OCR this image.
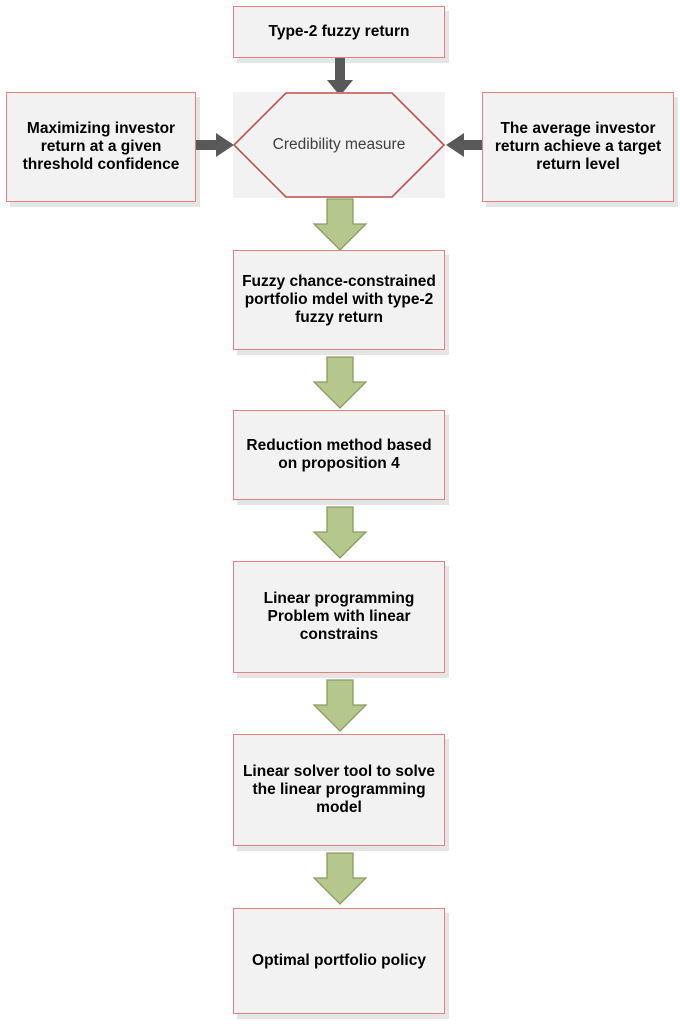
Type-2 fuzzy return
Maximizing investor return at a given threshold confidence
Credibility measure
The average investor return achieve a target return level
Fuzzy chance-constrained portfolio mdel with type-2 fuzzy return
Reduction method based on proposition 4
Linear programming Problem with linear constrains
Linear solver tool to solve the linear programming model
Optimal portfolio policy
